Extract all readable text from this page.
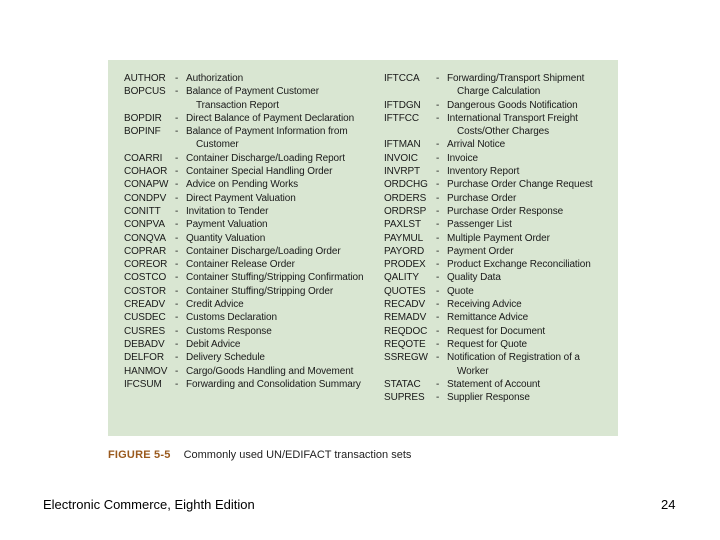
AUTHOR - Authorization
BOPCUS - Balance of Payment Customer
Transaction Report
BOPDIR - Direct Balance of Payment Declaration
BOPINF - Balance of Payment Information from
Customer
COARRI - Container Discharge/Loading Report
COHAOR - Container Special Handling Order
CONAPW - Advice on Pending Works
CONDPV - Direct Payment Valuation
CONITT - Invitation to Tender
CONPVA - Payment Valuation
CONQVA - Quantity Valuation
COPRAR - Container Discharge/Loading Order
COREOR - Container Release Order
COSTCO - Container Stuffing/Stripping Confirmation
COSTOR - Container Stuffing/Stripping Order
CREADV - Credit Advice
CUSDEC - Customs Declaration
CUSRES - Customs Response
DEBADV - Debit Advice
DELFOR - Delivery Schedule
HANMOV - Cargo/Goods Handling and Movement
IFCSUM - Forwarding and Consolidation Summary
IFTCCA - Forwarding/Transport Shipment
Charge Calculation
IFTDGN - Dangerous Goods Notification
IFTFCC - International Transport Freight
Costs/Other Charges
IFTMAN - Arrival Notice
INVOIC - Invoice
INVRPT - Inventory Report
ORDCHG - Purchase Order Change Request
ORDERS - Purchase Order
ORDRSP - Purchase Order Response
PAXLST - Passenger List
PAYMUL - Multiple Payment Order
PAYORD - Payment Order
PRODEX - Product Exchange Reconciliation
QALITY - Quality Data
QUOTES - Quote
RECADV - Receiving Advice
REMADV - Remittance Advice
REQDOC - Request for Document
REQOTE - Request for Quote
SSREGW - Notification of Registration of a
Worker
STATAC - Statement of Account
SUPRES - Supplier Response
FIGURE 5-5 Commonly used UN/EDIFACT transaction sets
Electronic Commerce, Eighth Edition	24
